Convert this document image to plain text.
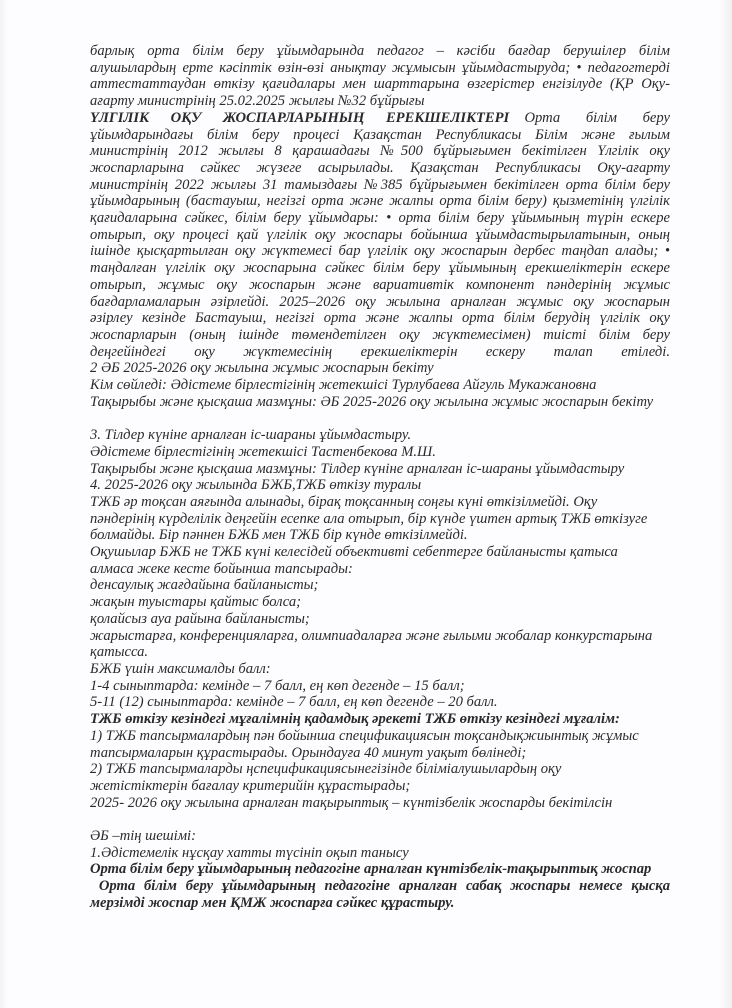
барлық орта білім беру ұйымдарында педагог – кәсіби бағдар берушілер білім
алушылардың ерте кәсіптік өзін-өзі анықтау жұмысын ұйымдастыруда; • педагогтерді
аттестаттаудан өткізу қағидалары мен шарттарына өзгерістер енгізілуде (ҚР Оқу-
ағарту министрінің 25.02.2025 жылғы №32 бұйрығы
ҮЛГІЛІК ОҚУ ЖОСПАРЛАРЫНЫҢ ЕРЕКШЕЛІКТЕРІ Орта білім беру
ұйымдарындағы білім беру процесі Қазақстан Республикасы Білім және ғылым
министрінің 2012 жылғы 8 қарашадағы №500 бұйрығымен бекітілген Үлгілік оқу
жоспарларына сәйкес жүзеге асырылады. Қазақстан Республикасы Оқу-ағарту
министрінің 2022 жылғы 31 тамыздағы №385 бұйрығымен бекітілген орта білім беру
ұйымдарының (бастауыш, негізгі орта және жалпы орта білім беру) қызметінің үлгілік
қағидаларына сәйкес, білім беру ұйымдары: • орта білім беру ұйымының түрін ескере
отырып, оқу процесі қай үлгілік оқу жоспары бойынша ұйымдастырылатынын, оның
ішінде қысқартылған оқу жүктемесі бар үлгілік оқу жоспарын дербес таңдап алады; •
таңдалған үлгілік оқу жоспарына сәйкес білім беру ұйымының ерекшеліктерін ескере
отырып, жұмыс оқу жоспарын және вариативтік компонент пәндерінің жұмыс
бағдарламаларын әзірлейді. 2025–2026 оқу жылына арналған жұмыс оқу жоспарын
әзірлеу кезінде Бастауыш, негізгі орта және жалпы орта білім берудің үлгілік оқу
жоспарларын (оның ішінде төмендетілген оқу жүктемесімен) тиісті білім беру
деңгейіндегі оқу жүктемесінің ерекшеліктерін ескеру талап етіледі.
2 ӘБ 2025-2026 оқу жылына жұмыс жоспарын бекіту
Кім сөйледі: Әдістеме бірлестігінің жетекшісі Турлубаева Айгуль Мукажановна
Тақырыбы және қысқаша мазмұны: ӘБ 2025-2026 оқу жылына жұмыс жоспарын бекіту
3. Тілдер күніне арналған іс-шараны ұйымдастыру.
Әдістеме бірлестігінің жетекшісі Тастенбекова М.Ш.
Тақырыбы және қысқаша мазмұны: Тілдер күніне арналған іс-шараны ұйымдастыру
4. 2025-2026 оқу жылында БЖБ,ТЖБ өткізу туралы
ТЖБ әр тоқсан аяғында алынады, бірақ тоқсанның соңғы күні өткізілмейді. Оқу
пәндерінің күрделілік деңгейін есепке ала отырып, бір күнде үштен артық ТЖБ өткізуге
болмайды. Бір пәннен БЖБ мен ТЖБ бір күнде өткізілмейді.
Оқушылар БЖБ не ТЖБ күні келесідей объективті себептерге байланысты қатыса
алмаса жеке кесте бойынша тапсырады:
денсаулық жағдайына байланысты;
жақын туыстары қайтыс болса;
қолайсыз ауа райына байланысты;
жарыстарға, конференцияларға, олимпиадаларға және ғылыми жобалар конкурстарына
қатысса.
БЖБ үшін максималды балл:
1-4 сыныптарда: кемінде – 7 балл, ең көп дегенде – 15 балл;
5-11 (12) сыныптарда: кемінде – 7 балл, ең көп дегенде – 20 балл.
ТЖБ өткізу кезіндегі мұғалімнің қадамдық әрекеті ТЖБ өткізу кезіндегі мұғалім:
1) ТЖБ тапсырмалардың пән бойынша спецификациясын тоқсандықжиынтық жұмыс
тапсырмаларын құрастырады. Орындауға 40 минут уақыт бөлінеді;
2) ТЖБ тапсырмаларды ңспецификациясынегізінде біліміалушылардың оқу
жетістіктерін бағалау критерийін құрастырады;
2025- 2026 оқу жылына арналған тақырыптық – күнтізбелік жоспарды бекітілсін
ӘБ –тің шешімі:
1.Әдістемелік нұсқау хатты түсініп оқып танысу
Орта білім беру ұйымдарының педагогіне арналған күнтізбелік-тақырыптық жоспар
Орта білім беру ұйымдарының педагогіне арналған сабақ жоспары немесе қысқа
мерзімді жоспар мен ҚМЖ жоспарға сәйкес құрастыру.
